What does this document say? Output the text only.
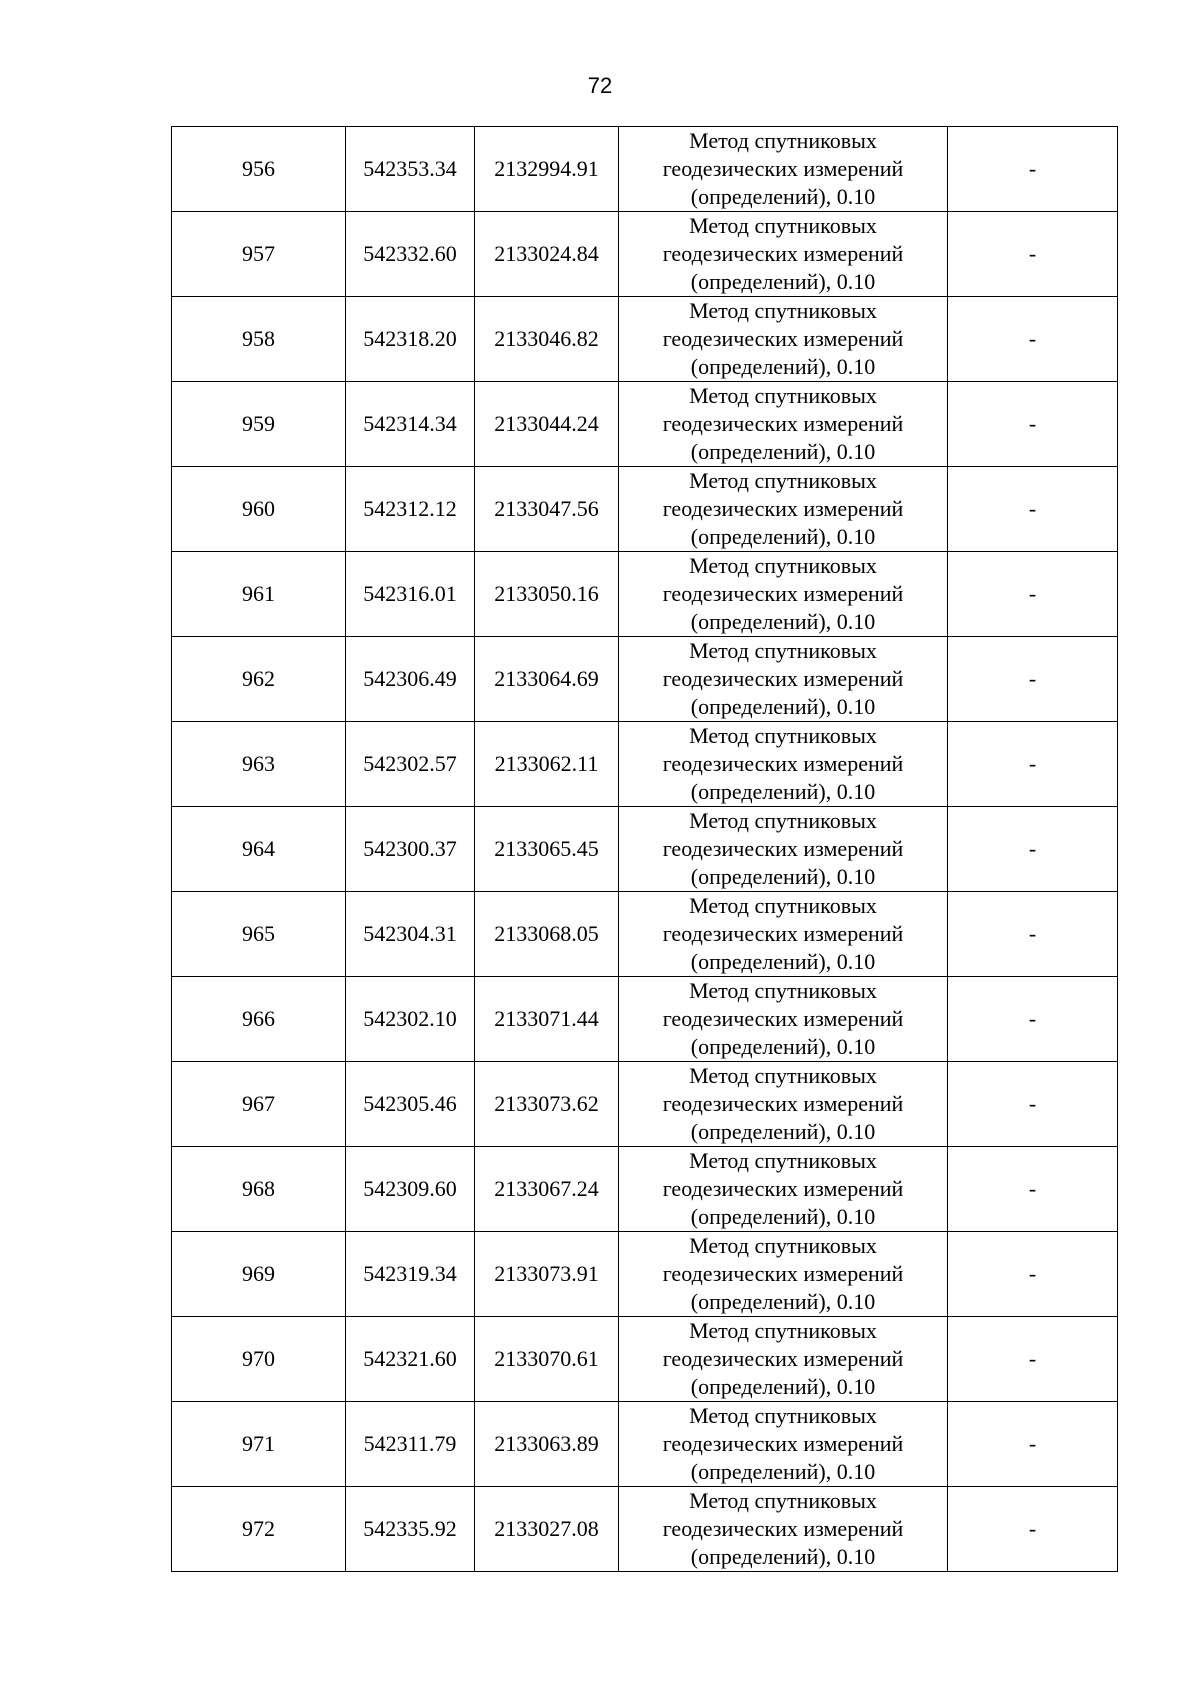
72
956	542353.34	2132994.91	Метод спутниковых
геодезических измерений
(определений), 0.10	-
957	542332.60	2133024.84	Метод спутниковых
геодезических измерений
(определений), 0.10	-
958	542318.20	2133046.82	Метод спутниковых
геодезических измерений
(определений), 0.10	-
959	542314.34	2133044.24	Метод спутниковых
геодезических измерений
(определений), 0.10	-
960	542312.12	2133047.56	Метод спутниковых
геодезических измерений
(определений), 0.10	-
961	542316.01	2133050.16	Метод спутниковых
геодезических измерений
(определений), 0.10	-
962	542306.49	2133064.69	Метод спутниковых
геодезических измерений
(определений), 0.10	-
963	542302.57	2133062.11	Метод спутниковых
геодезических измерений
(определений), 0.10	-
964	542300.37	2133065.45	Метод спутниковых
геодезических измерений
(определений), 0.10	-
965	542304.31	2133068.05	Метод спутниковых
геодезических измерений
(определений), 0.10	-
966	542302.10	2133071.44	Метод спутниковых
геодезических измерений
(определений), 0.10	-
967	542305.46	2133073.62	Метод спутниковых
геодезических измерений
(определений), 0.10	-
968	542309.60	2133067.24	Метод спутниковых
геодезических измерений
(определений), 0.10	-
969	542319.34	2133073.91	Метод спутниковых
геодезических измерений
(определений), 0.10	-
970	542321.60	2133070.61	Метод спутниковых
геодезических измерений
(определений), 0.10	-
971	542311.79	2133063.89	Метод спутниковых
геодезических измерений
(определений), 0.10	-
972	542335.92	2133027.08	Метод спутниковых
геодезических измерений
(определений), 0.10	-
